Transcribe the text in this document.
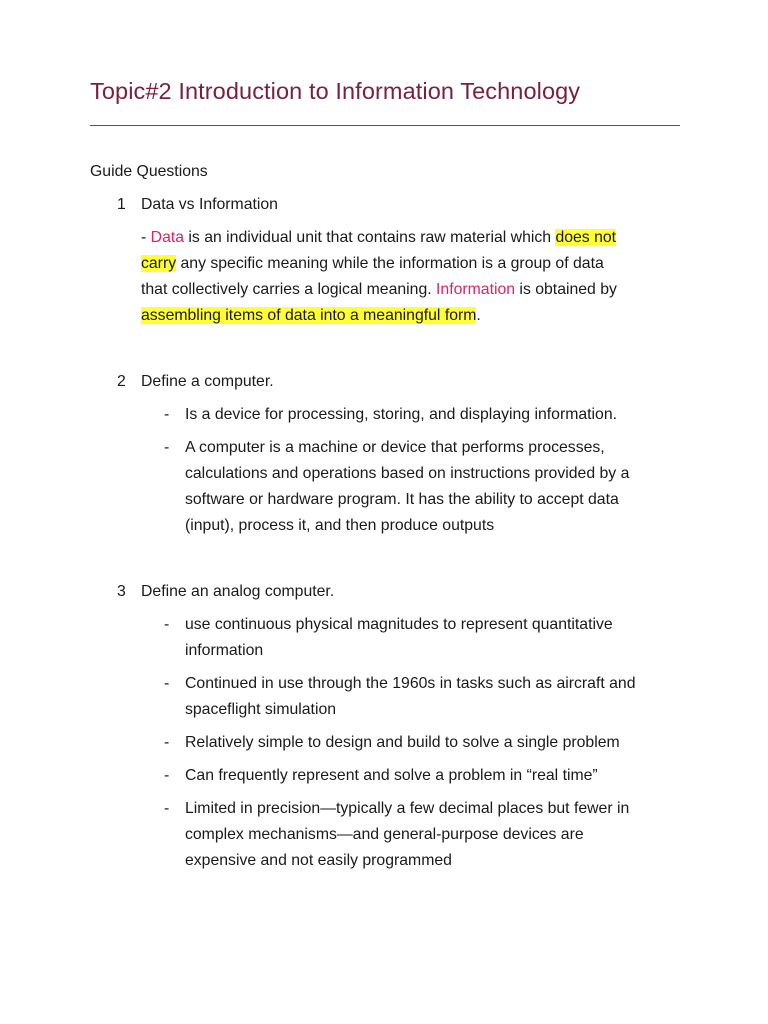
Topic#2 Introduction to Information Technology
Guide Questions
1 Data vs Information
- Data is an individual unit that contains raw material which does not
carry any specific meaning while the information is a group of data
that collectively carries a logical meaning. Information is obtained by
assembling items of data into a meaningful form.
2 Define a computer.
- Is a device for processing, storing, and displaying information.
- A computer is a machine or device that performs processes,
calculations and operations based on instructions provided by a
software or hardware program. It has the ability to accept data
(input), process it, and then produce outputs
3 Define an analog computer.
- use continuous physical magnitudes to represent quantitative
information
- Continued in use through the 1960s in tasks such as aircraft and
spaceflight simulation
- Relatively simple to design and build to solve a single problem
- Can frequently represent and solve a problem in “real time”
- Limited in precision—typically a few decimal places but fewer in
complex mechanisms—and general-purpose devices are
expensive and not easily programmed
